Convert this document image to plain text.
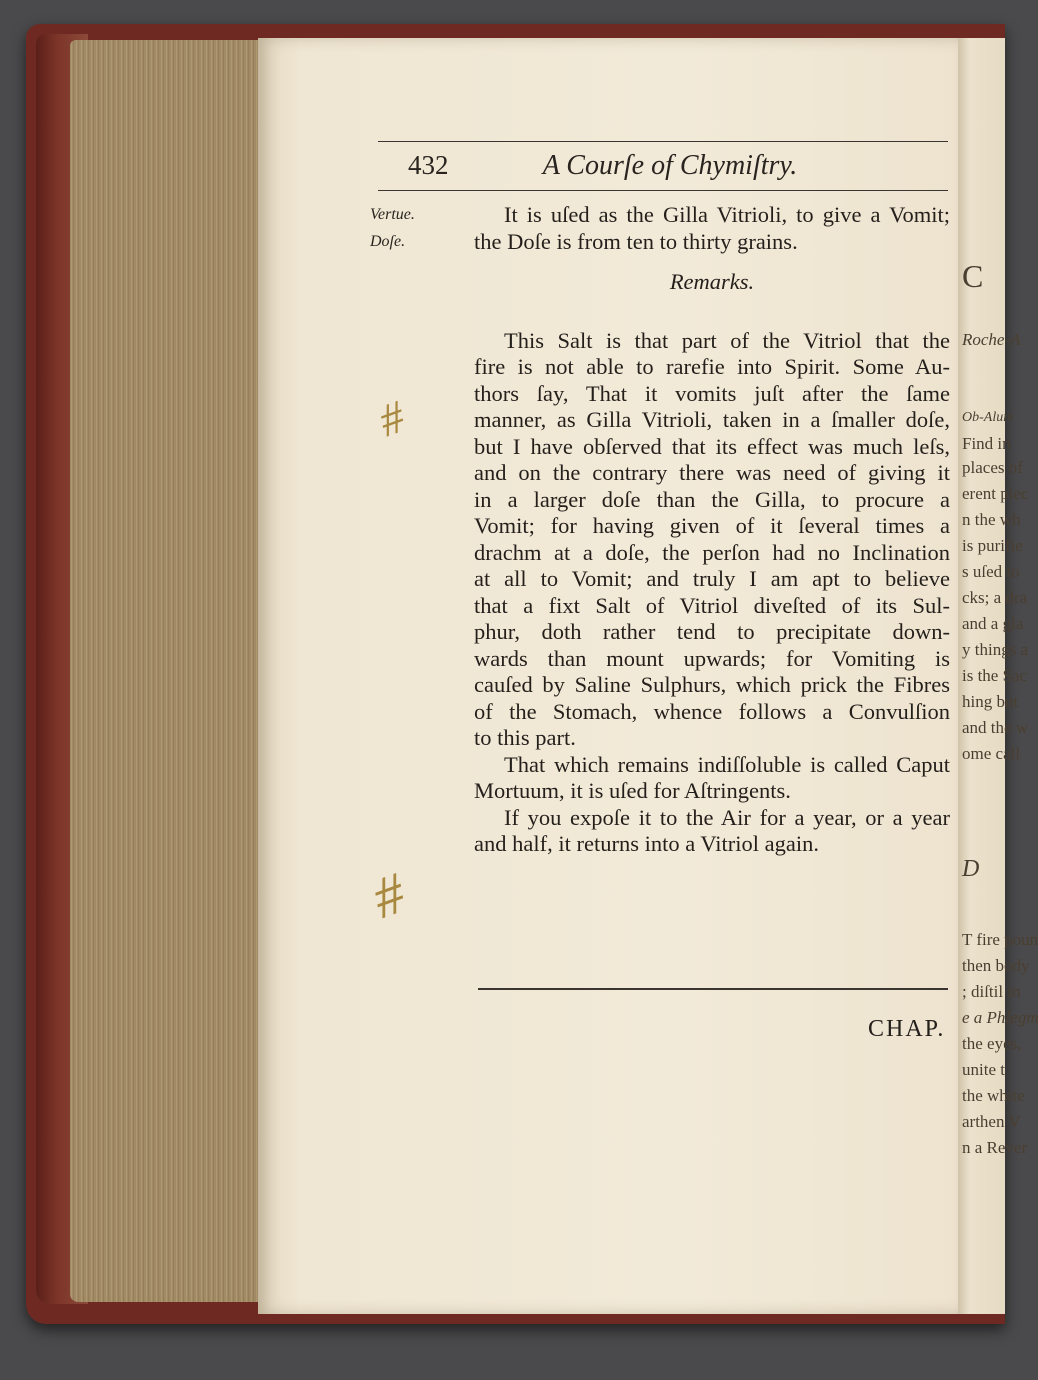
C
Roche-A
Ob-Alum
Find in
places of
erent piec
n the wh
is purifie
s uſed to
cks; a dra
and a gla
y things a
is the Sac
hing but
and the w
ome call
D
T fire poun
then body
; diſtil in
e a Phlegm
the eyes,
unite t
the white
arthen V
n a Rever
432	A Courſe of Chymiſtry.
Vertue.
Doſe.
It is uſed as the Gilla Vitrioli, to give a Vomit;
the Doſe is from ten to thirty grains.
Remarks.
This Salt is that part of the Vitriol that the
fire is not able to rarefie into Spirit. Some Au-
thors ſay, That it vomits juſt after the ſame
manner, as Gilla Vitrioli, taken in a ſmaller doſe,
but I have obſerved that its effect was much leſs,
and on the contrary there was need of giving it
in a larger doſe than the Gilla, to procure a
Vomit; for having given of it ſeveral times a
drachm at a doſe, the perſon had no Inclination
at all to Vomit; and truly I am apt to believe
that a fixt Salt of Vitriol diveſted of its Sul-
phur, doth rather tend to precipitate down-
wards than mount upwards; for Vomiting is
cauſed by Saline Sulphurs, which prick the Fibres
of the Stomach, whence follows a Convulſion
to this part.
That which remains indiſſoluble is called Caput
Mortuum, it is uſed for Aſtringents.
If you expoſe it to the Air for a year, or a year
and half, it returns into a Vitriol again.
#
#
CHAP.
